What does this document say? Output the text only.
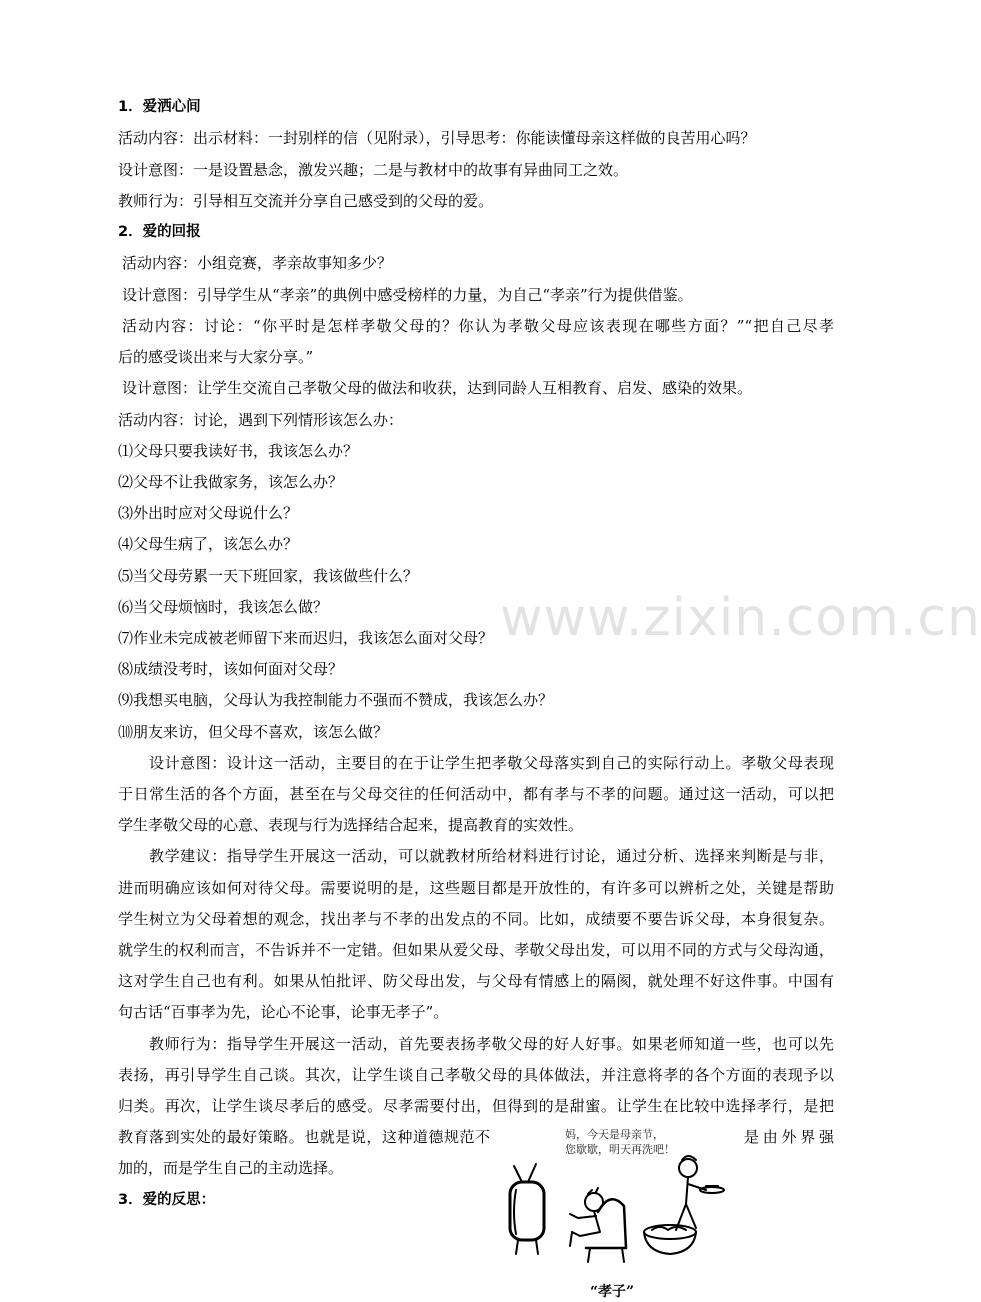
www.zixin.com.cn
1．爱洒心间
活动内容：出示材料：一封别样的信（见附录），引导思考：你能读懂母亲这样做的良苦用心吗？
设计意图：一是设置悬念，激发兴趣；二是与教材中的故事有异曲同工之效。
教师行为：引导相互交流并分享自己感受到的父母的爱。
2．爱的回报
活动内容：小组竞赛，孝亲故事知多少？
设计意图：引导学生从“孝亲”的典例中感受榜样的力量，为自己“孝亲”行为提供借鉴。
活动内容：讨论：“你平时是怎样孝敬父母的？你认为孝敬父母应该表现在哪些方面？”“把自己尽孝
后的感受谈出来与大家分享。”
设计意图：让学生交流自己孝敬父母的做法和收获，达到同龄人互相教育、启发、感染的效果。
活动内容：讨论，遇到下列情形该怎么办：
⑴父母只要我读好书，我该怎么办？
⑵父母不让我做家务，该怎么办？
⑶外出时应对父母说什么？
⑷父母生病了，该怎么办？
⑸当父母劳累一天下班回家，我该做些什么？
⑹当父母烦恼时，我该怎么做？
⑺作业未完成被老师留下来而迟归，我该怎么面对父母？
⑻成绩没考时，该如何面对父母？
⑼我想买电脑，父母认为我控制能力不强而不赞成，我该怎么办？
⑽朋友来访，但父母不喜欢，该怎么做？
设计意图：设计这一活动，主要目的在于让学生把孝敬父母落实到自己的实际行动上。孝敬父母表现
于日常生活的各个方面，甚至在与父母交往的任何活动中，都有孝与不孝的问题。通过这一活动，可以把
学生孝敬父母的心意、表现与行为选择结合起来，提高教育的实效性。
教学建议：指导学生开展这一活动，可以就教材所给材料进行讨论，通过分析、选择来判断是与非，
进而明确应该如何对待父母。需要说明的是，这些题目都是开放性的，有许多可以辨析之处，关键是帮助
学生树立为父母着想的观念，找出孝与不孝的出发点的不同。比如，成绩要不要告诉父母，本身很复杂。
就学生的权利而言，不告诉并不一定错。但如果从爱父母、孝敬父母出发，可以用不同的方式与父母沟通，
这对学生自己也有利。如果从怕批评、防父母出发，与父母有情感上的隔阂，就处理不好这件事。中国有
句古话“百事孝为先，论心不论事，论事无孝子”。
教师行为：指导学生开展这一活动，首先要表扬孝敬父母的好人好事。如果老师知道一些，也可以先
表扬，再引导学生自己谈。其次，让学生谈自己孝敬父母的具体做法，并注意将孝的各个方面的表现予以
归类。再次，让学生谈尽孝后的感受。尽孝需要付出，但得到的是甜蜜。让学生在比较中选择孝行，是把
教育落到实处的最好策略。也就是说，这种道德规范不	是由外界强
加的，而是学生自己的主动选择。
3．爱的反思：
妈，今天是母亲节，
您歇歇，明天再洗吧！
“孝子”
